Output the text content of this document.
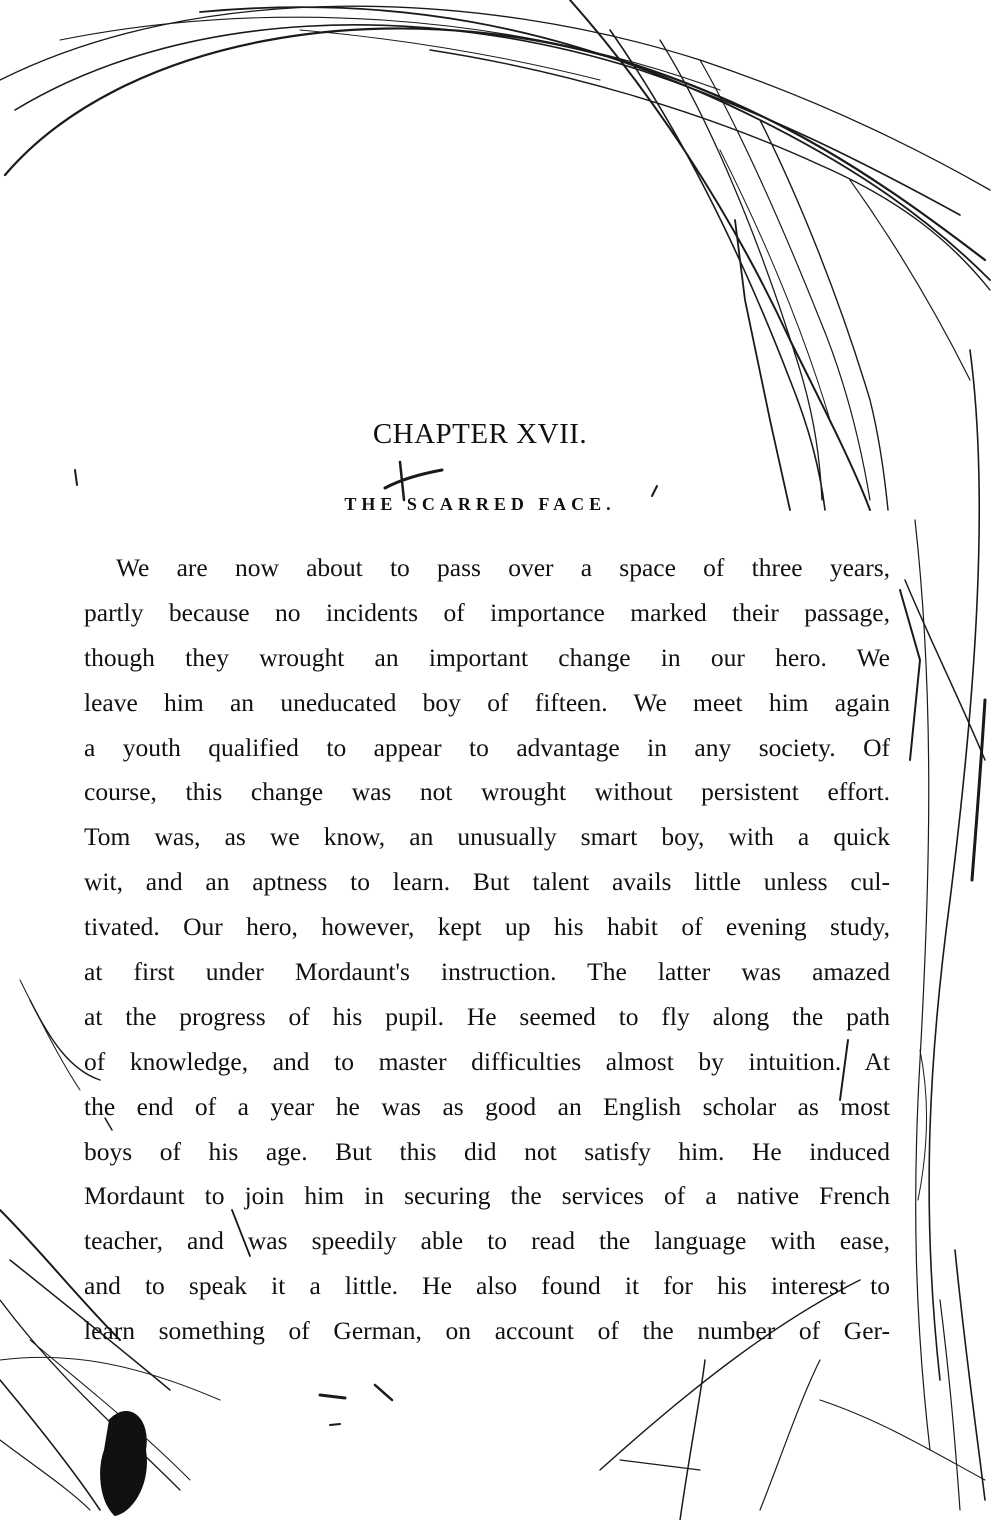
CHAPTER XVII.
THE SCARRED FACE.
We are now about to pass over a space of three years,
partly because no incidents of importance marked their passage,
though they wrought an important change in our hero. We
leave him an uneducated boy of fifteen. We meet him again
a youth qualified to appear to advantage in any society. Of
course, this change was not wrought without persistent effort.
Tom was, as we know, an unusually smart boy, with a quick
wit, and an aptness to learn. But talent avails little unless cul-
tivated. Our hero, however, kept up his habit of evening study,
at first under Mordaunt's instruction. The latter was amazed
at the progress of his pupil. He seemed to fly along the path
of knowledge, and to master difficulties almost by intuition. At
the end of a year he was as good an English scholar as most
boys of his age. But this did not satisfy him. He induced
Mordaunt to join him in securing the services of a native French
teacher, and was speedily able to read the language with ease,
and to speak it a little. He also found it for his interest to
learn something of German, on account of the number of Ger-
